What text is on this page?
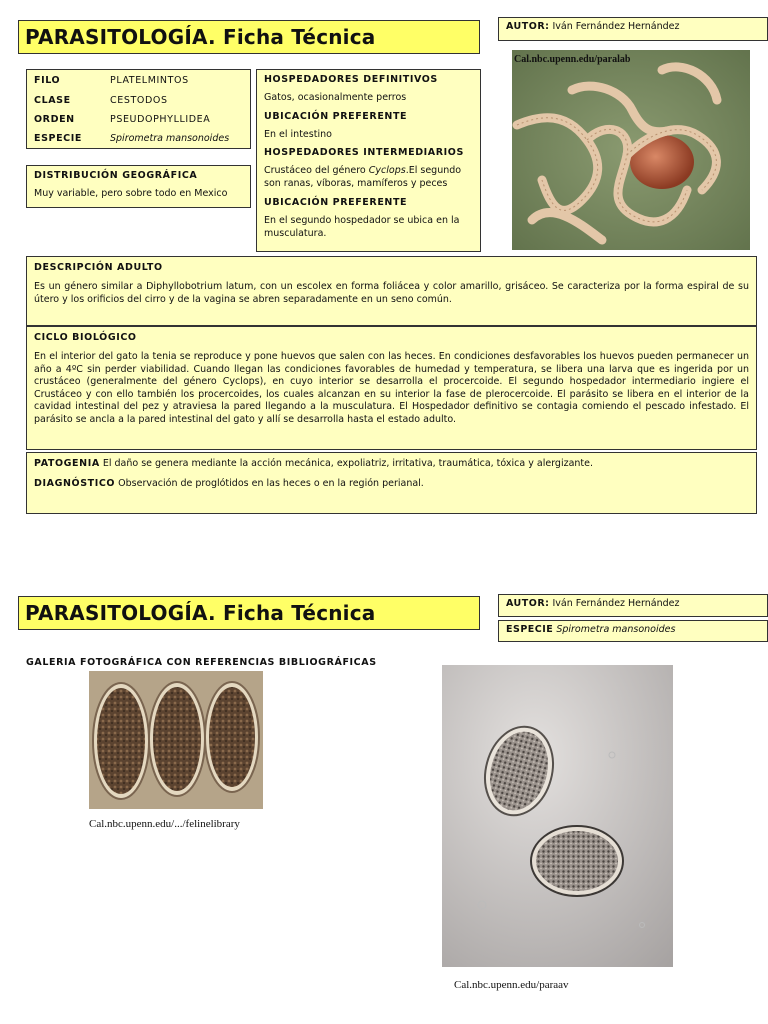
PARASITOLOGÍA. Ficha Técnica	AUTOR: Iván Fernández Hernández
Cal.nbc.upenn.edu/paralab
FILO	PLATELMINTOS
CLASE	CESTODOS
ORDEN	PSEUDOPHYLLIDEA
ESPECIE	Spirometra mansonoides
DISTRIBUCIÓN GEOGRÁFICA
Muy variable, pero sobre todo en Mexico
HOSPEDADORES DEFINITIVOS
Gatos, ocasionalmente perros
UBICACIÓN PREFERENTE
En el intestino
HOSPEDADORES INTERMEDIARIOS
Crustáceo del género Cyclops.El segundo son ranas, víboras, mamíferos y peces
UBICACIÓN PREFERENTE
En el segundo hospedador se ubica en la musculatura.
DESCRIPCIÓN ADULTO
Es un género similar a Diphyllobotrium latum, con un escolex en forma foliácea y color amarillo, grisáceo. Se caracteriza por la forma espiral de su útero y los orificios del cirro y de la vagina se abren separadamente en un seno común.
CICLO BIOLÓGICO
En el interior del gato la tenia se reproduce y pone huevos que salen con las heces. En condiciones desfavorables los huevos pueden permanecer un año a 4ºC sin perder viabilidad. Cuando llegan las condiciones favorables de humedad y temperatura, se libera una larva que es ingerida por un crustáceo (generalmente del género Cyclops), en cuyo interior se desarrolla el procercoide. El segundo hospedador intermediario ingiere el Crustáceo y con ello también los procercoides, los cuales alcanzan en su interior la fase de plerocercoide. El parásito se libera en el interior de la cavidad intestinal del pez y atraviesa la pared llegando a la musculatura. El Hospedador definitivo se contagia comiendo el pescado infestado. El parásito se ancla a la pared intestinal del gato y allí se desarrolla hasta el estado adulto.
PATOGENIA El daño se genera mediante la acción mecánica, expoliatriz, irritativa, traumática, tóxica y alergizante.
DIAGNÓSTICO Observación de proglótidos en las heces o en la región perianal.
PARASITOLOGÍA. Ficha Técnica	AUTOR: Iván Fernández Hernández
ESPECIE Spirometra mansonoides
GALERIA FOTOGRÁFICA CON REFERENCIAS BIBLIOGRÁFICAS
Cal.nbc.upenn.edu/.../felinelibrary
Cal.nbc.upenn.edu/paraav
